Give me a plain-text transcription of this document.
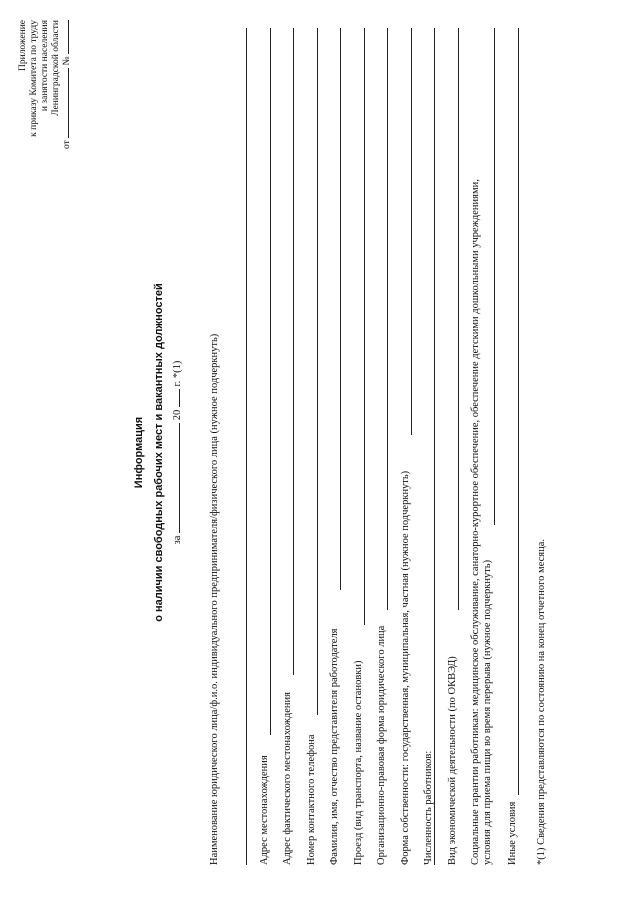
Приложение к приказу Комитета по труду и занятости населения Ленинградской области
от  №
Информация о наличии свободных рабочих мест и вакантных должностей за  20  г. *(1) Наименование юридического лица/ф.и.о. индивидуального предпринимателя/физического лица (нужное подчеркнуть)	Адрес местонахождения Адрес фактического местонахождения Номер контактного телефона Фамилия, имя, отчество представителя работодателя Проезд (вид транспорта, название остановки) Организационно-правовая форма юридического лица Форма собственности: государственная, муниципальная, частная (нужное подчеркнуть) Численность работников: Вид экономической деятельности (по ОКВЭД) Социальные гарантии работникам: медицинское обслуживание, санаторно-курортное обеспечение, обеспечение детскими дошкольными учреждениями, условия для приема пищи во время перерыва (нужное подчеркнуть) Иные условия *(1) Сведения представляются по состоянию на конец отчетного месяца.
